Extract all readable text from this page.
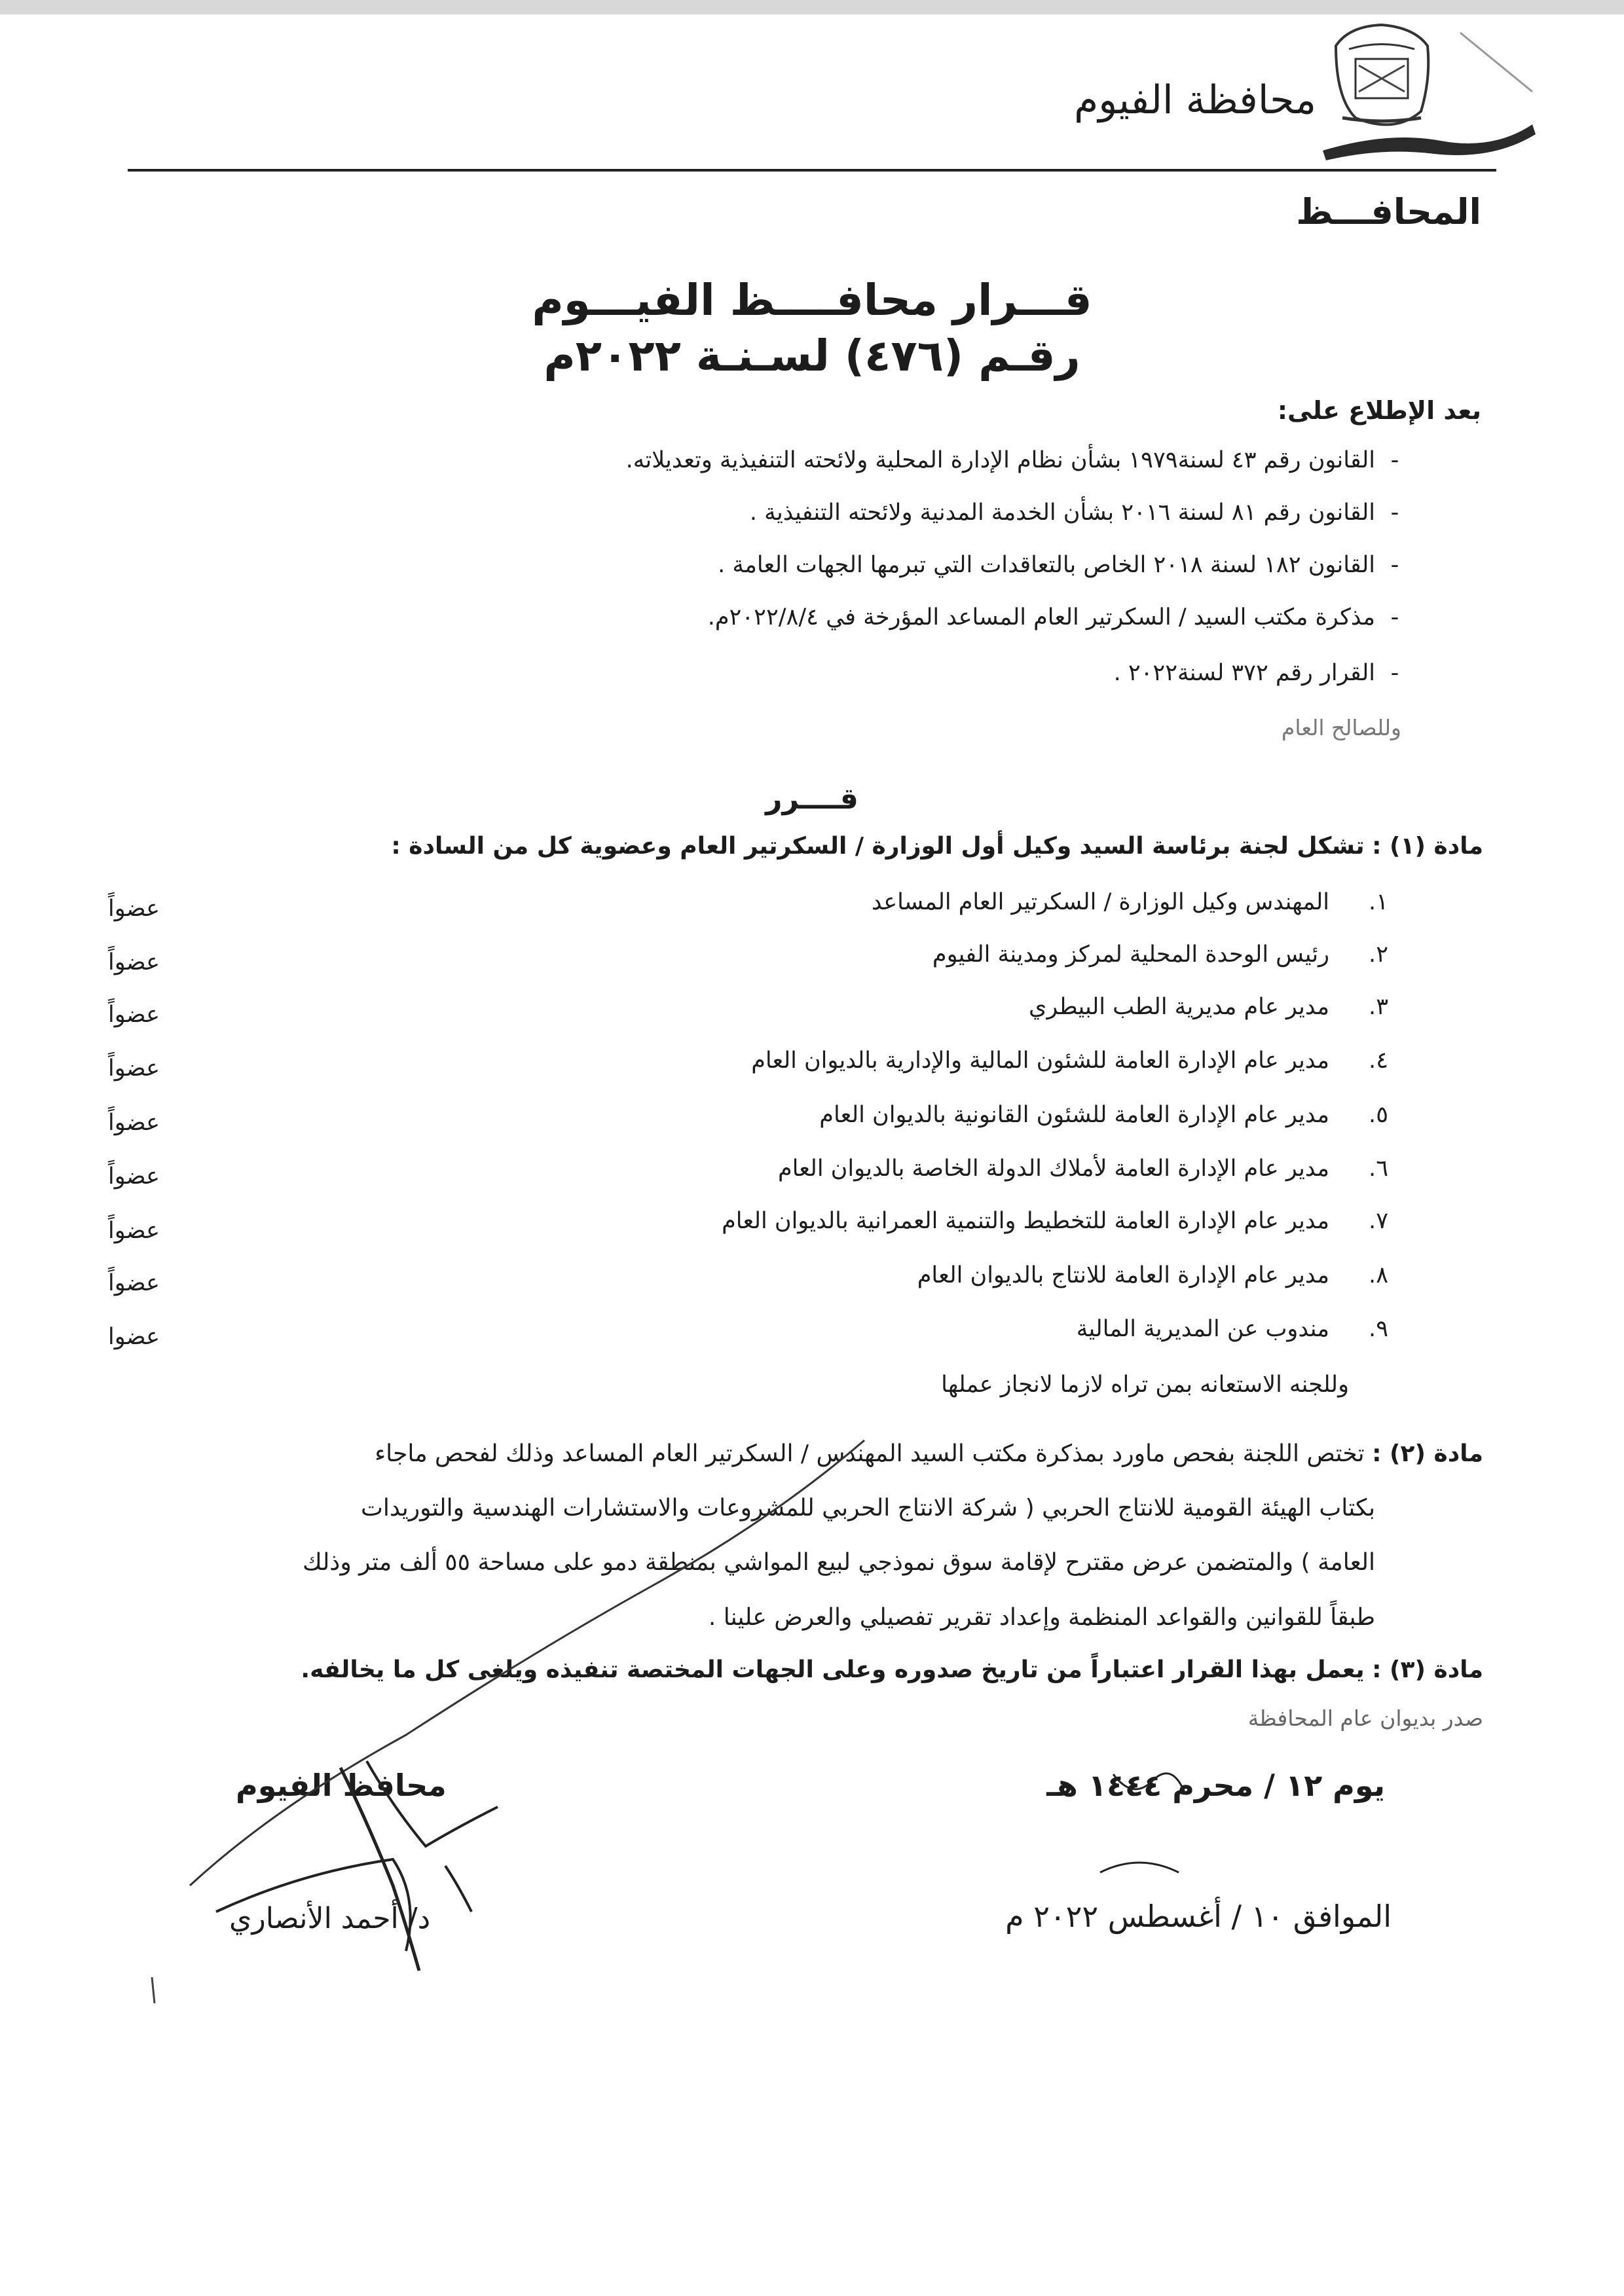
محافظة الفيوم
المحافـــظ
قـــرار محافــــظ الفيـــوم
رقـم (٤٧٦) لسـنـة ٢٠٢٢م
بعد الإطلاع على:
-القانون رقم ٤٣ لسنة١٩٧٩ بشأن نظام الإدارة المحلية ولائحته التنفيذية وتعديلاته.
-القانون رقم ٨١ لسنة ٢٠١٦ بشأن الخدمة المدنية ولائحته التنفيذية .
-القانون ١٨٢ لسنة ٢٠١٨ الخاص بالتعاقدات التي تبرمها الجهات العامة .
-مذكرة مكتب السيد / السكرتير العام المساعد المؤرخة في ٢٠٢٢/٨/٤م.
-القرار رقم ٣٧٢ لسنة٢٠٢٢ .
وللصالح العام
قــــرر
مادة (١) : تشكل لجنة برئاسة السيد وكيل أول الوزارة / السكرتير العام وعضوية كل من السادة :
١.المهندس وكيل الوزارة / السكرتير العام المساعد
عضواً
٢.رئيس الوحدة المحلية لمركز ومدينة الفيوم
عضواً
٣.مدير عام مديرية الطب البيطري
عضواً
٤.مدير عام الإدارة العامة للشئون المالية والإدارية بالديوان العام
عضواً
٥.مدير عام الإدارة العامة للشئون القانونية بالديوان العام
عضواً
٦.مدير عام الإدارة العامة لأملاك الدولة الخاصة بالديوان العام
عضواً
٧.مدير عام الإدارة العامة للتخطيط والتنمية العمرانية بالديوان العام
عضواً
٨.مدير عام الإدارة العامة للانتاج بالديوان العام
عضواً
٩.مندوب عن المديرية المالية
عضوا
وللجنه الاستعانه بمن تراه لازما لانجاز عملها
مادة (٢) : تختص اللجنة بفحص ماورد بمذكرة مكتب السيد المهندس / السكرتير العام المساعد وذلك لفحص ماجاء
بكتاب الهيئة القومية للانتاج الحربي ( شركة الانتاج الحربي للمشروعات والاستشارات الهندسية والتوريدات
العامة ) والمتضمن عرض مقترح لإقامة سوق نموذجي لبيع المواشي بمنطقة دمو على مساحة ٥٥ ألف متر وذلك
طبقاً للقوانين والقواعد المنظمة وإعداد تقرير تفصيلي والعرض علينا .
مادة (٣) : يعمل بهذا القرار اعتباراً من تاريخ صدوره وعلى الجهات المختصة تنفيذه ويلغى كل ما يخالفه.
صدر بديوان عام المحافظة
محافظ الفيوم
د/ أحمد الأنصاري
يوم ١٢ / محرم ١٤٤٤ هـ
الموافق ١٠ / أغسطس ٢٠٢٢ م
